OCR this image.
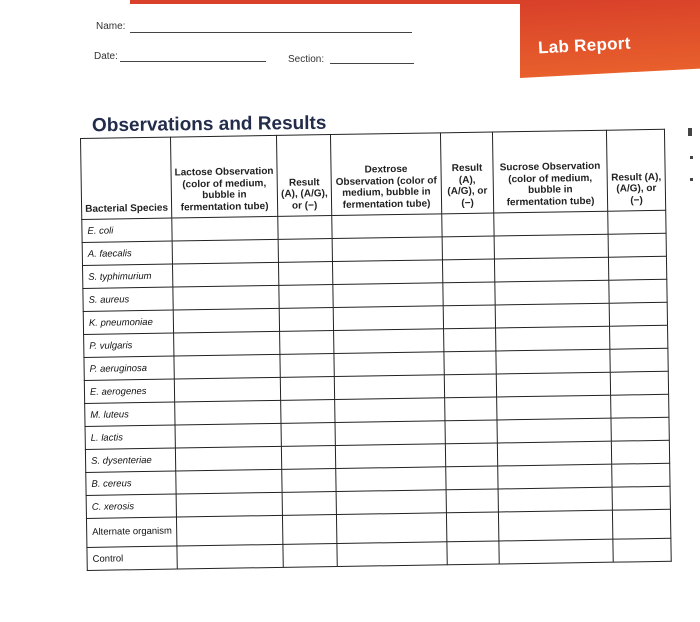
Lab Report
Name:
Date:	Section:
Observations and Results
Bacterial Species	Lactose Observation (color of medium, bubble in fermentation tube)	Result (A), (A/G), or (−)	Dextrose Observation (color of medium, bubble in fermentation tube)	Result (A), (A/G), or (−)	Sucrose Observation (color of medium, bubble in fermentation tube)	Result (A), (A/G), or (−)
E. coli						
A. faecalis						
S. typhimurium						
S. aureus						
K. pneumoniae						
P. vulgaris						
P. aeruginosa						
E. aerogenes						
M. luteus						
L. lactis						
S. dysenteriae						
B. cereus						
C. xerosis						
Alternate organism						
Control						
